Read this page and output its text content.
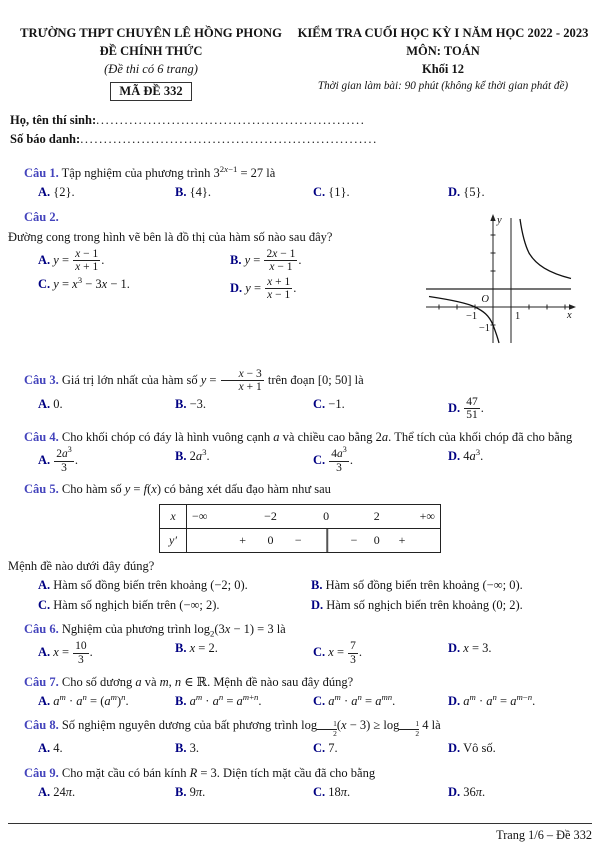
TRƯỜNG THPT CHUYÊN LÊ HỒNG PHONG
ĐỀ CHÍNH THỨC
(Đề thi có 6 trang)
MÃ ĐỀ 332
KIỂM TRA CUỐI HỌC KỲ I NĂM HỌC 2022 - 2023
MÔN: TOÁN
Khối 12
Thời gian làm bài: 90 phút (không kể thời gian phát đề)
Họ, tên thí sinh:.........................................................
Số báo danh:...............................................................

Câu 1. Tập nghiệm của phương trình $3^{2x-1} = 27$ là

A. {2}.	B. {4}.	C. {1}.	D. {5}.

Câu 2.

Đường cong trong hình vẽ bên là đồ thị của hàm số nào sau đây?

A. $y = \frac{x - 1}{x + 1}$ .	B. $y = \frac{2x - 1}{x - 1}$ .
C. $y = x^3 - 3x - 1$.	D. $y = \frac{x + 1}{x - 1}$ .
y
x
O
1
−1
−1

Câu 3. Giá trị lớn nhất của hàm số $y = \frac{x - 3}{x + 1}$ trên đoạn [0; 50] là

A. 0.	B. −3.	C. −1.	D. $\frac{47}{51}$ .

Câu 4. Cho khối chóp có đáy là hình vuông cạnh a và chiều cao bằng 2a. Thể tích của khối chóp đã cho bằng

A. $\frac{2a^3}{3}$ .	B. $2a^3$.	C. $\frac{4a^3}{3}$ .	D. $4a^3$.

Câu 5. Cho hàm số y = f(x) có bảng xét dấu đạo hàm như sau

x	−∞	−2	0	2	+∞
y′	+ 0 −	− 0 +

Mệnh đề nào dưới đây đúng?

A. Hàm số đồng biến trên khoảng (−2; 0).	B. Hàm số đồng biến trên khoảng (−∞; 0).
C. Hàm số nghịch biến trên (−∞; 2).	D. Hàm số nghịch biến trên khoảng (0; 2).

Câu 6. Nghiệm của phương trình $\log_2(3x - 1) = 3$ là

A. $x = \frac{10}{3}$ .	B. x = 2.	C. $x = \frac{7}{3}$ .	D. x = 3.

Câu 7. Cho số dương a và m, n ∈ ℝ. Mệnh đề nào sau đây đúng?

A. $a^m \cdot a^n = (a^m)^n$.	B. $a^m \cdot a^n = a^{m+n}$.	C. $a^m \cdot a^n = a^{mn}$.	D. $a^m \cdot a^n = a^{m-n}$.

Câu 8. Số nghiệm nguyên dương của bất phương trình $\log \frac{1}{2} (x - 3) \ge \log \frac{1}{2} 4$ là

A. 4.	B. 3.	C. 7.	D. Vô số.

Câu 9. Cho mặt cầu có bán kính R = 3. Diện tích mặt cầu đã cho bằng

A. 24π.	B. 9π.	C. 18π.	D. 36π.
Trang 1/6 – Đề 332
